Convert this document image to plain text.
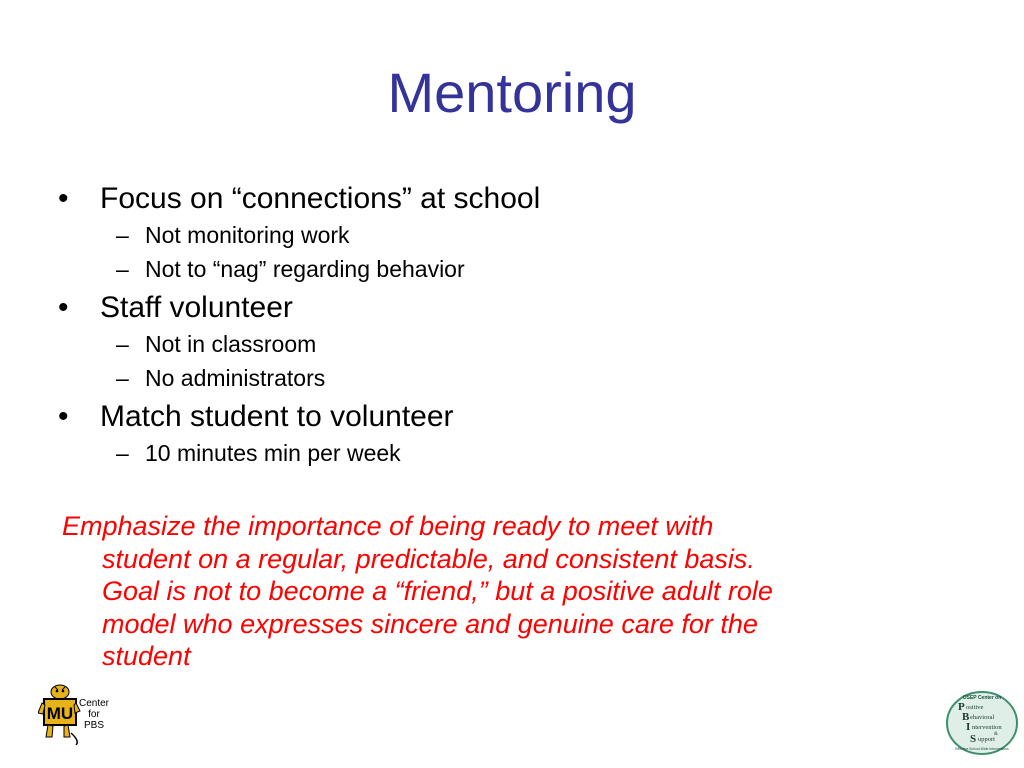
Mentoring
• Focus on “connections” at school
– Not monitoring work
– Not to “nag” regarding behavior
• Staff volunteer
– Not in classroom
– No administrators
• Match student to volunteer
– 10 minutes min per week
Emphasize the importance of being ready to meet with
student on a regular, predictable, and consistent basis.
Goal is not to become a “friend,” but a positive adult role
model who expresses sincere and genuine care for the
student
MU
Center
for
PBS
OSEP Center on
P ositive
B ehavioral
I ntervention
&
S upport
Effective School-Wide Interventions
